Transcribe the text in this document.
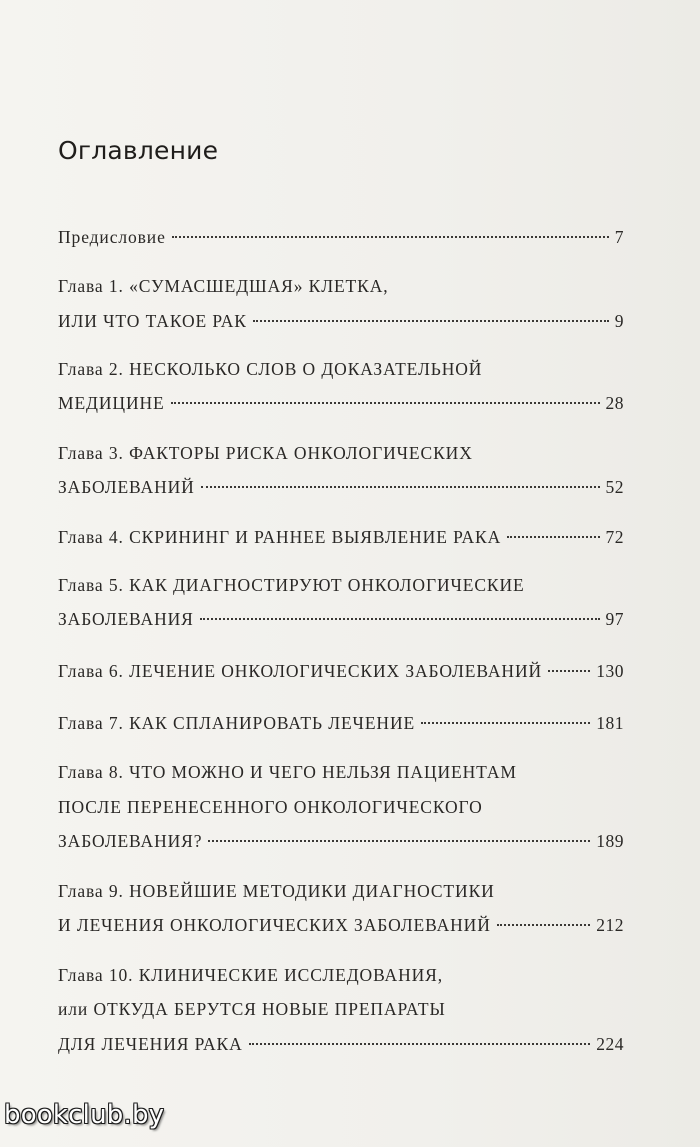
Оглавление
Предисловие	7
Глава 1. «СУМАСШЕДШАЯ» КЛЕТКА,
ИЛИ ЧТО ТАКОЕ РАК	9
Глава 2. НЕСКОЛЬКО СЛОВ О ДОКАЗАТЕЛЬНОЙ
МЕДИЦИНЕ	28
Глава 3. ФАКТОРЫ РИСКА ОНКОЛОГИЧЕСКИХ
ЗАБОЛЕВАНИЙ	52
Глава 4. СКРИНИНГ И РАННЕЕ ВЫЯВЛЕНИЕ РАКА	72
Глава 5. КАК ДИАГНОСТИРУЮТ ОНКОЛОГИЧЕСКИЕ
ЗАБОЛЕВАНИЯ	97
Глава 6. ЛЕЧЕНИЕ ОНКОЛОГИЧЕСКИХ ЗАБОЛЕВАНИЙ	130
Глава 7. КАК СПЛАНИРОВАТЬ ЛЕЧЕНИЕ	181
Глава 8. ЧТО МОЖНО И ЧЕГО НЕЛЬЗЯ ПАЦИЕНТАМ
ПОСЛЕ ПЕРЕНЕСЕННОГО ОНКОЛОГИЧЕСКОГО
ЗАБОЛЕВАНИЯ?	189
Глава 9. НОВЕЙШИЕ МЕТОДИКИ ДИАГНОСТИКИ
И ЛЕЧЕНИЯ ОНКОЛОГИЧЕСКИХ ЗАБОЛЕВАНИЙ	212
Глава 10. КЛИНИЧЕСКИЕ ИССЛЕДОВАНИЯ,
или ОТКУДА БЕРУТСЯ НОВЫЕ ПРЕПАРАТЫ
ДЛЯ ЛЕЧЕНИЯ РАКА	224
bookclub.by
